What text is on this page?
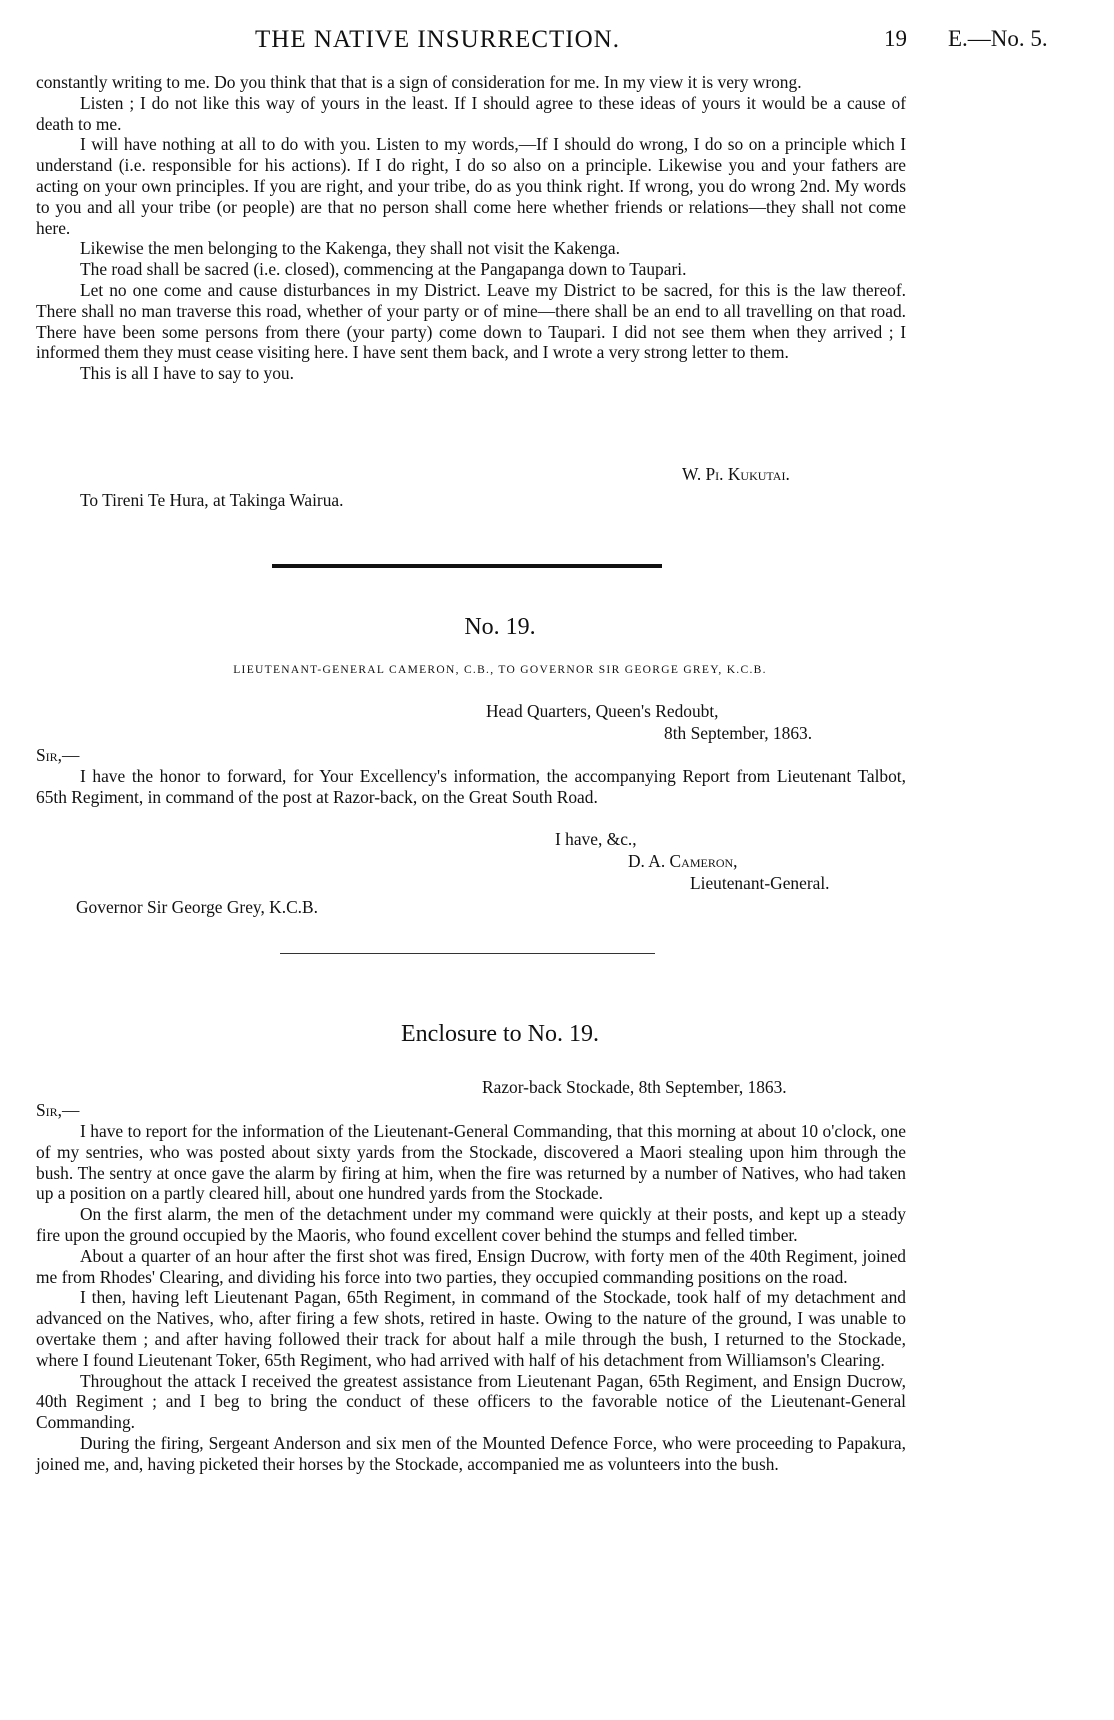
THE NATIVE INSURRECTION.	19 E.—No. 5.

constantly writing to me. Do you think that that is a sign of consideration for me. In my view it is very wrong.

Listen ; I do not like this way of yours in the least. If I should agree to these ideas of yours it would be a cause of death to me.

I will have nothing at all to do with you. Listen to my words,—If I should do wrong, I do so on a principle which I understand (i.e. responsible for his actions). If I do right, I do so also on a principle. Likewise you and your fathers are acting on your own principles. If you are right, and your tribe, do as you think right. If wrong, you do wrong 2nd. My words to you and all your tribe (or people) are that no person shall come here whether friends or relations—they shall not come here.

Likewise the men belonging to the Kakenga, they shall not visit the Kakenga.

The road shall be sacred (i.e. closed), commencing at the Pangapanga down to Taupari.

Let no one come and cause disturbances in my District. Leave my District to be sacred, for this is the law thereof. There shall no man traverse this road, whether of your party or of mine—there shall be an end to all travelling on that road. There have been some persons from there (your party) come down to Taupari. I did not see them when they arrived ; I informed them they must cease visiting here. I have sent them back, and I wrote a very strong letter to them.

This is all I have to say to you.

W. Pi. Kukutai.
To Tireni Te Hura, at Takinga Wairua.
No. 19.
LIEUTENANT-GENERAL CAMERON, C.B., TO GOVERNOR SIR GEORGE GREY, K.C.B.
Head Quarters, Queen's Redoubt,
8th September, 1863.
Sir,—

I have the honor to forward, for Your Excellency's information, the accompanying Report from Lieutenant Talbot, 65th Regiment, in command of the post at Razor-back, on the Great South Road.

I have, &c.,
D. A. Cameron,
Lieutenant-General.
Governor Sir George Grey, K.C.B.
Enclosure to No. 19.
Razor-back Stockade, 8th September, 1863.
Sir,—

I have to report for the information of the Lieutenant-General Commanding, that this morning at about 10 o'clock, one of my sentries, who was posted about sixty yards from the Stockade, discovered a Maori stealing upon him through the bush. The sentry at once gave the alarm by firing at him, when the fire was returned by a number of Natives, who had taken up a position on a partly cleared hill, about one hundred yards from the Stockade.

On the first alarm, the men of the detachment under my command were quickly at their posts, and kept up a steady fire upon the ground occupied by the Maoris, who found excellent cover behind the stumps and felled timber.

About a quarter of an hour after the first shot was fired, Ensign Ducrow, with forty men of the 40th Regiment, joined me from Rhodes' Clearing, and dividing his force into two parties, they occupied commanding positions on the road.

I then, having left Lieutenant Pagan, 65th Regiment, in command of the Stockade, took half of my detachment and advanced on the Natives, who, after firing a few shots, retired in haste. Owing to the nature of the ground, I was unable to overtake them ; and after having followed their track for about half a mile through the bush, I returned to the Stockade, where I found Lieutenant Toker, 65th Regiment, who had arrived with half of his detachment from Williamson's Clearing.

Throughout the attack I received the greatest assistance from Lieutenant Pagan, 65th Regiment, and Ensign Ducrow, 40th Regiment ; and I beg to bring the conduct of these officers to the favorable notice of the Lieutenant-General Commanding.

During the firing, Sergeant Anderson and six men of the Mounted Defence Force, who were proceeding to Papakura, joined me, and, having picketed their horses by the Stockade, accompanied me as volunteers into the bush.
